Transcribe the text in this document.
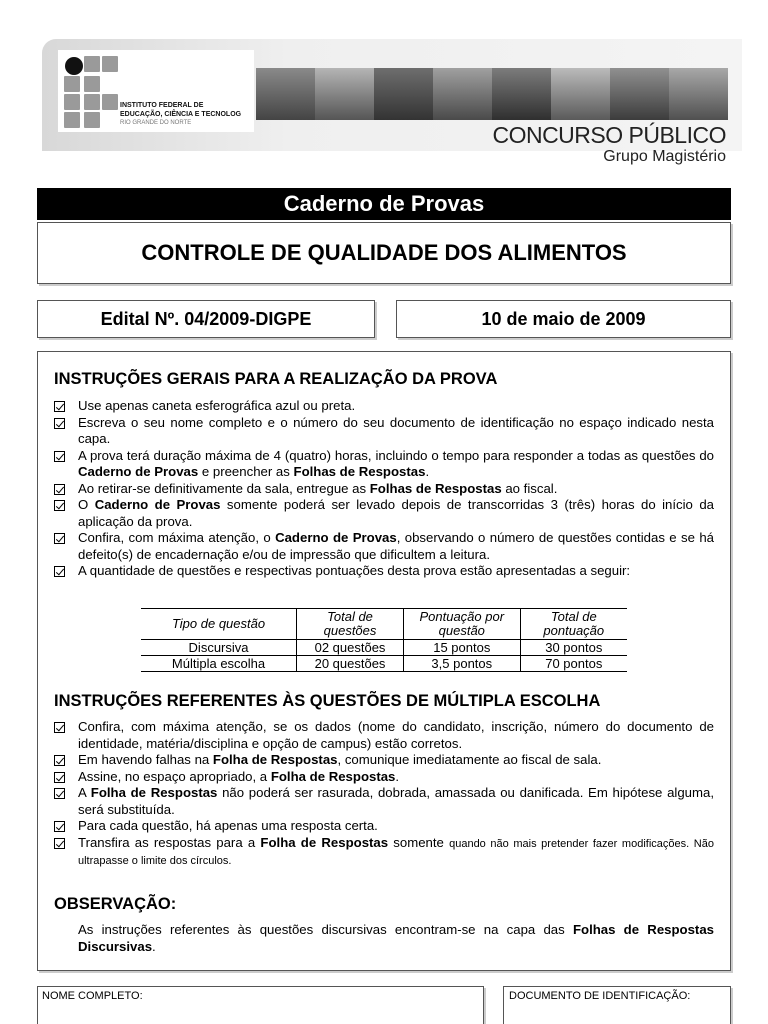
INSTITUTO FEDERAL DE
EDUCAÇÃO, CIÊNCIA E TECNOLOG
RIO GRANDE DO NORTE	CONCURSO PÚBLICO
Grupo Magistério
Caderno de Provas
CONTROLE DE QUALIDADE DOS ALIMENTOS
Edital Nº. 04/2009-DIGPE	10 de maio de 2009
INSTRUÇÕES GERAIS PARA A REALIZAÇÃO DA PROVA
Use apenas caneta esferográfica azul ou preta.
Escreva o seu nome completo e o número do seu documento de identificação no espaço indicado nesta capa.
A prova terá duração máxima de 4 (quatro) horas, incluindo o tempo para responder a todas as questões do Caderno de Provas e preencher as Folhas de Respostas.
Ao retirar-se definitivamente da sala, entregue as Folhas de Respostas ao fiscal.
O Caderno de Provas somente poderá ser levado depois de transcorridas 3 (três) horas do início da aplicação da prova.
Confira, com máxima atenção, o Caderno de Provas, observando o número de questões contidas e se há defeito(s) de encadernação e/ou de impressão que dificultem a leitura.
A quantidade de questões e respectivas pontuações desta prova estão apresentadas a seguir:
Tipo de questão	Total de questões	Pontuação por questão	Total de pontuação
Discursiva	02 questões	15 pontos	30 pontos
Múltipla escolha	20 questões	3,5 pontos	70 pontos
INSTRUÇÕES REFERENTES ÀS QUESTÕES DE MÚLTIPLA ESCOLHA
Confira, com máxima atenção, se os dados (nome do candidato, inscrição, número do documento de identidade, matéria/disciplina e opção de campus) estão corretos.
Em havendo falhas na Folha de Respostas, comunique imediatamente ao fiscal de sala.
Assine, no espaço apropriado, a Folha de Respostas.
A Folha de Respostas não poderá ser rasurada, dobrada, amassada ou danificada. Em hipótese alguma, será substituída.
Para cada questão, há apenas uma resposta certa.
Transfira as respostas para a Folha de Respostas somente quando não mais pretender fazer modificações. Não ultrapasse o limite dos círculos.
OBSERVAÇÃO:
As instruções referentes às questões discursivas encontram-se na capa das Folhas de Respostas Discursivas.
NOME COMPLETO:	DOCUMENTO DE IDENTIFICAÇÃO:
